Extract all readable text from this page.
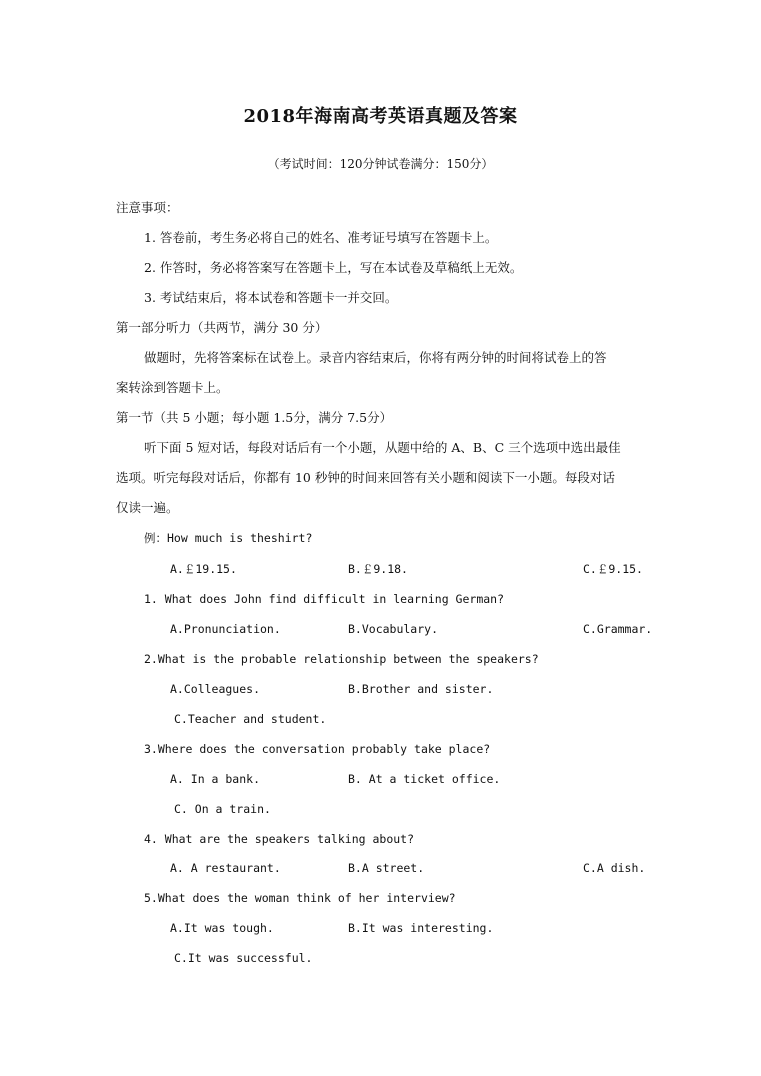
2018年海南高考英语真题及答案
（考试时间：120分钟试卷满分：150分）
注意事项：
1. 答卷前，考生务必将自己的姓名、准考证号填写在答题卡上。
2. 作答时，务必将答案写在答题卡上，写在本试卷及草稿纸上无效。
3. 考试结束后，将本试卷和答题卡一并交回。
第一部分听力（共两节，满分 30 分）
做题时，先将答案标在试卷上。录音内容结束后，你将有两分钟的时间将试卷上的答
案转涂到答题卡上。
第一节（共 5 小题；每小题 1.5分，满分 7.5分）
听下面 5 短对话，每段对话后有一个小题，从题中给的 A、B、C 三个选项中选出最佳
选项。听完每段对话后，你都有 10 秒钟的时间来回答有关小题和阅读下一小题。每段对话
仅读一遍。
例：How much is theshirt?
A.￡19.15.	B.￡9.18.	C.￡9.15.
1. What does John find difficult in learning German?
A.Pronunciation.	B.Vocabulary.	C.Grammar.
2.What is the probable relationship between the speakers?
A.Colleagues.	B.Brother and sister.
C.Teacher and student.
3.Where does the conversation probably take place?
A. In a bank.	B. At a ticket office.
C. On a train.
4. What are the speakers talking about?
A. A restaurant.	B.A street.	C.A dish.
5.What does the woman think of her interview?
A.It was tough.	B.It was interesting.
C.It was successful.
